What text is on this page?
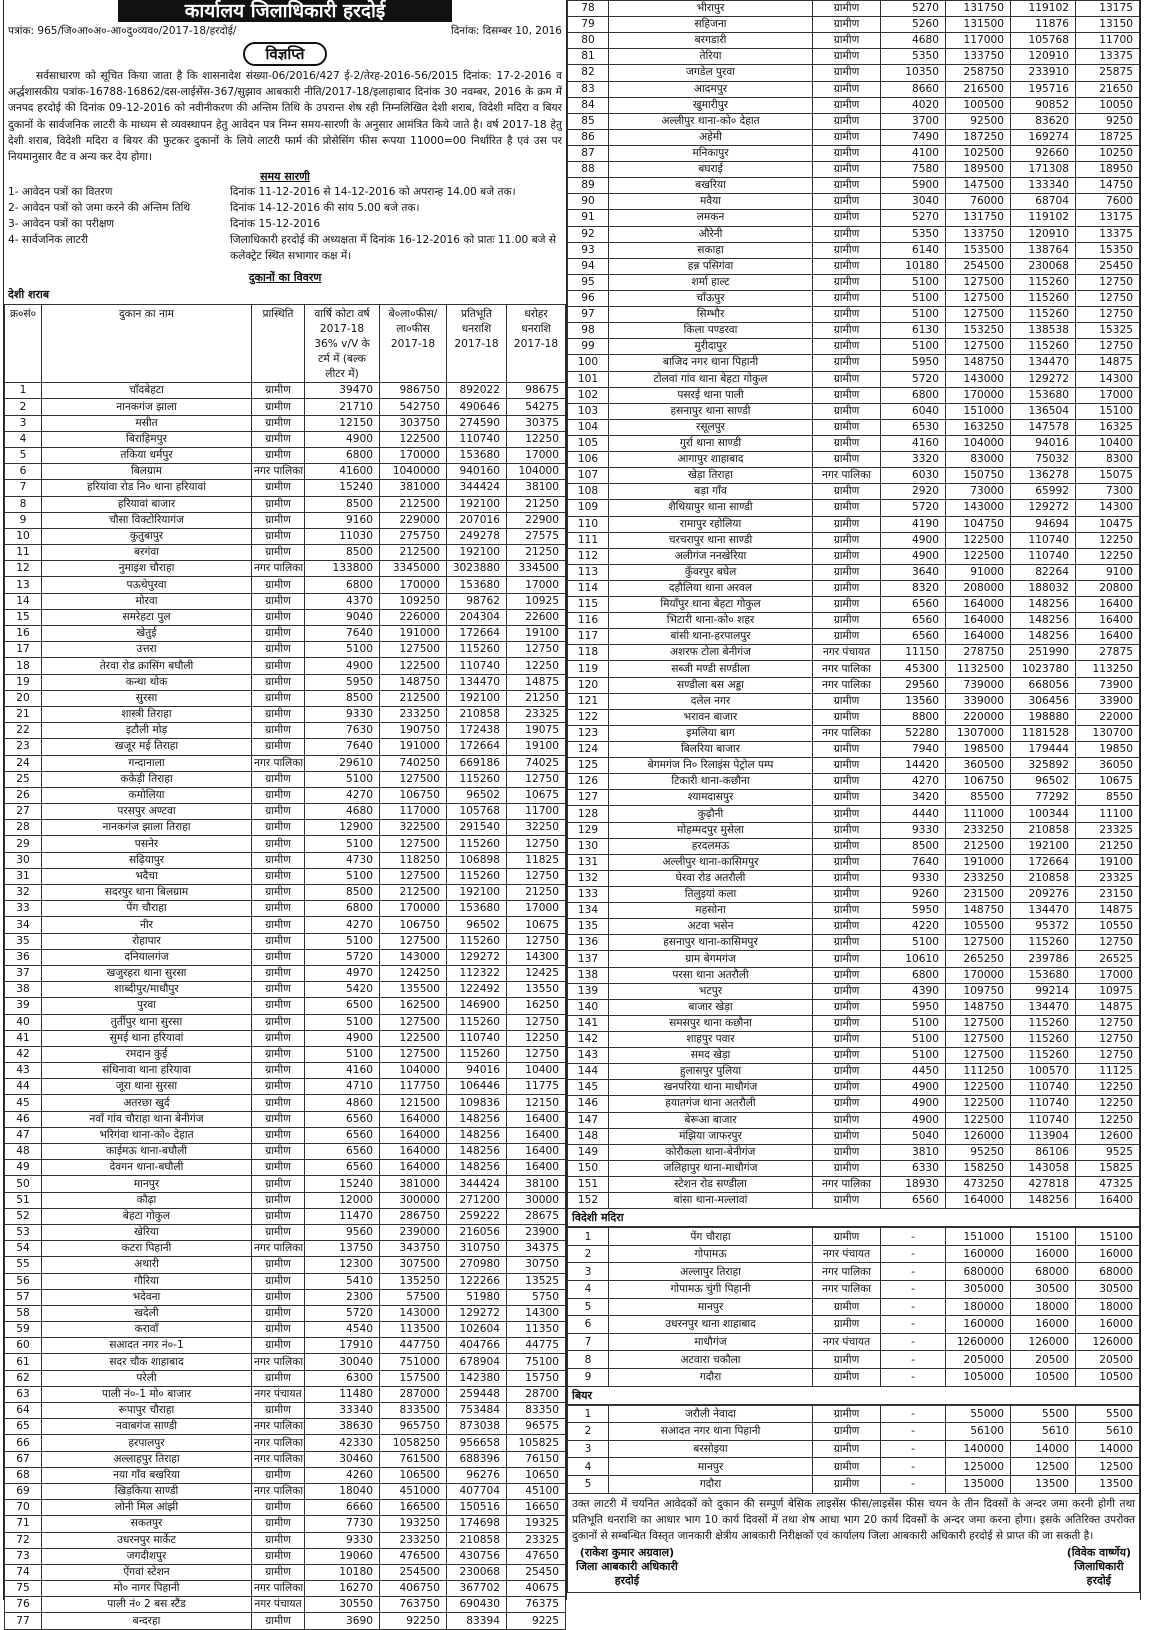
कार्यालय जिलाधिकारी हरदोई
पत्रांक: 965/जि०आ०अ०-आ०दु०व्यव०/2017-18/हरदोई/	दिनांक: दिसम्बर 10, 2016
विज्ञप्ति

सर्वसाधारण को सूचित किया जाता है कि शासनादेश संख्या-06/2016/427 ई-2/तेरह-2016-56/2015 दिनांक: 17-2-2016 व अर्द्धशासकीय पत्रांक-16788-16862/दस-लाईसेंस-367/सुझाव आबकारी नीति/2017-18/इलाहाबाद दिनांक 30 नवम्बर, 2016 के क्रम में जनपद हरदोई की दिनांक 09-12-2016 को नवीनीकरण की अन्तिम तिथि के उपरान्त शेष रही निम्नलिखित देशी शराब, विदेशी मदिरा व बियर दुकानों के सार्वजनिक लाटरी के माध्यम से व्यवस्थापन हेतु आवेदन पत्र निम्न समय-सारणी के अनुसार आमंत्रित किये जाते है। वर्ष 2017-18 हेतु देशी शराब, विदेशी मदिरा व बियर की फुटकर दुकानों के लिये लाटरी फार्म की प्रोसेसिंग फीस रूपया 11000=00 निर्धारित है एवं उस पर नियमानुसार वैट व अन्य कर देय होगा।

समय सारणी
1- आवेदन पत्रों का वितरण	दिनांक 11-12-2016 से 14-12-2016 को अपरान्ह 14.00 बजे तक।
2- आवेदन पत्रों को जमा करने की अन्तिम तिथि	दिनांक 14-12-2016 की सांय 5.00 बजे तक।
3- आवेदन पत्रों का परीक्षण	दिनांक 15-12-2016
4- सार्वजनिक लाटरी	जिलाधिकारी हरदोई की अध्यक्षता में दिनांक 16-12-2016 को प्रातः 11.00 बजे से कलेक्ट्रेट स्थित सभागार कक्ष में।
दुकानों का विवरण
देशी शराब
क्र०सं०	दुकान का नाम	प्रास्थिति	वार्षि कोटा वर्ष 2017-18 36% v/V के टर्म में (बल्क लीटर में)	बे०ला०फीस/ ला०फीस 2017-18	प्रतिभूति धनराशि 2017-18	धरोहर धनराशि 2017-18
1	चाँदबेहटा	ग्रामीण	39470	986750	892022	98675
2	नानकगंज झाला	ग्रामीण	21710	542750	490646	54275
3	मसीत	ग्रामीण	12150	303750	274590	30375
4	बिराहिमपुर	ग्रामीण	4900	122500	110740	12250
5	तकिया धर्मपुर	ग्रामीण	6800	170000	153680	17000
6	बिलग्राम	नगर पालिका	41600	1040000	940160	104000
7	हरियांवा रोड नि० थाना हरियावां	ग्रामीण	15240	381000	344424	38100
8	हरियावां बाजार	ग्रामीण	8500	212500	192100	21250
9	चौसा विक्टोरियागंज	ग्रामीण	9160	229000	207016	22900
10	कुतुबापुर	ग्रामीण	11030	275750	249278	27575
11	बरगंवा	ग्रामीण	8500	212500	192100	21250
12	नुमाइश चौराहा	नगर पालिका	133800	3345000	3023880	334500
13	पऊथेपुरवा	ग्रामीण	6800	170000	153680	17000
14	मोरवा	ग्रामीण	4370	109250	98762	10925
15	समरेहटा पुल	ग्रामीण	9040	226000	204304	22600
16	खेतुई	ग्रामीण	7640	191000	172664	19100
17	उत्तरा	ग्रामीण	5100	127500	115260	12750
18	तेरवा रोड क्रासिंग बघौली	ग्रामीण	4900	122500	110740	12250
19	कन्था थोक	ग्रामीण	5950	148750	134470	14875
20	सुरसा	ग्रामीण	8500	212500	192100	21250
21	शास्त्री तिराहा	ग्रामीण	9330	233250	210858	23325
22	इटौली मोड़	ग्रामीण	7630	190750	172438	19075
23	खजूर मई तिराहा	ग्रामीण	7640	191000	172664	19100
24	गन्दानाला	नगर पालिका	29610	740250	669186	74025
25	ककेड़ी तिराहा	ग्रामीण	5100	127500	115260	12750
26	कमोलिया	ग्रामीण	4270	106750	96502	10675
27	परसपुर अण्टवा	ग्रामीण	4680	117000	105768	11700
28	नानकगंज झाला तिराहा	ग्रामीण	12900	322500	291540	32250
29	पसनेर	ग्रामीण	5100	127500	115260	12750
30	सढ़ियापुर	ग्रामीण	4730	118250	106898	11825
31	भदैचा	ग्रामीण	5100	127500	115260	12750
32	सदरपुर थाना बिलग्राम	ग्रामीण	8500	212500	192100	21250
33	पेंग चौराहा	ग्रामीण	6800	170000	153680	17000
34	नीर	ग्रामीण	4270	106750	96502	10675
35	रोहापार	ग्रामीण	5100	127500	115260	12750
36	दनियालगंज	ग्रामीण	5720	143000	129272	14300
37	खजुरहरा थाना सुरसा	ग्रामीण	4970	124250	112322	12425
38	शाब्दीपुर/माधौपुर	ग्रामीण	5420	135500	122492	13550
39	पुरवा	ग्रामीण	6500	162500	146900	16250
40	तुर्तीपुर थाना सुरसा	ग्रामीण	5100	127500	115260	12750
41	सुमई थाना हरियावां	ग्रामीण	4900	122500	110740	12250
42	रमदान कुई	ग्रामीण	5100	127500	115260	12750
43	संधिनावा थाना हरियावा	ग्रामीण	4160	104000	94016	10400
44	जूरा थाना सुरसा	ग्रामीण	4710	117750	106446	11775
45	अतरछा खुर्द	ग्रामीण	4860	121500	109836	12150
46	नवाँ गांव चौराहा थाना बेनीगंज	ग्रामीण	6560	164000	148256	16400
47	भरिगंवा थाना-को० देहात	ग्रामीण	6560	164000	148256	16400
48	काईमऊ थाना-बघौली	ग्रामीण	6560	164000	148256	16400
49	देवगन थाना-बघौली	ग्रामीण	6560	164000	148256	16400
50	मानपुर	ग्रामीण	15240	381000	344424	38100
51	कौढ़ा	ग्रामीण	12000	300000	271200	30000
52	बेहटा गोकुल	ग्रामीण	11470	286750	259222	28675
53	खेरिया	ग्रामीण	9560	239000	216056	23900
54	कटरा पिहानी	नगर पालिका	13750	343750	310750	34375
55	अथारी	ग्रामीण	12300	307500	270980	30750
56	गौरिया	ग्रामीण	5410	135250	122266	13525
57	भदेवना	ग्रामीण	2300	57500	51980	5750
58	खदेली	ग्रामीण	5720	143000	129272	14300
59	करावाँ	ग्रामीण	4540	113500	102604	11350
60	सआदत नगर नं०-1	ग्रामीण	17910	447750	404766	44775
61	सदर चौक शाहाबाद	नगर पालिका	30040	751000	678904	75100
62	परेली	ग्रामीण	6300	157500	142380	15750
63	पाली नं०-1 मो० बाजार	नगर पंचायत	11480	287000	259448	28700
64	रूपापुर चौराहा	ग्रामीण	33340	833500	753484	83350
65	नवाबगंज साण्डी	नगर पालिका	38630	965750	873038	96575
66	हरपालपुर	नगर पालिका	42330	1058250	956658	105825
67	अल्लाहपुर तिराहा	नगर पालिका	30460	761500	688396	76150
68	नया गाँव बखरिया	ग्रामीण	4260	106500	96276	10650
69	खिड़किया साण्डी	नगर पालिका	18040	451000	407704	45100
70	लोनी मिल आंझी	ग्रामीण	6660	166500	150516	16650
71	सकतपुर	ग्रामीण	7730	193250	174698	19325
72	उधरनपुर मार्केट	ग्रामीण	9330	233250	210858	23325
73	जगदीशपुर	ग्रामीण	19060	476500	430756	47650
74	ऐंगवां स्टेशन	ग्रामीण	10180	254500	230068	25450
75	मो० नागर पिहानी	नगर पालिका	16270	406750	367702	40675
76	पाली नं० 2 बस स्टैंड	नगर पंचायत	30550	763750	690430	76375
77	बन्दरहा	ग्रामीण	3690	92250	83394	9225
78	भीरापुर	ग्रामीण	5270	131750	119102	13175
79	सहिजना	ग्रामीण	5260	131500	11876	13150
80	बरगडारी	ग्रामीण	4680	117000	105768	11700
81	तेरिया	ग्रामीण	5350	133750	120910	13375
82	जगडेल पुरवा	ग्रामीण	10350	258750	233910	25875
83	आदमपुर	ग्रामीण	8660	216500	195716	21650
84	खुमारीपुर	ग्रामीण	4020	100500	90852	10050
85	अल्लीपुर थाना-को० देहात	ग्रामीण	3700	92500	83620	9250
86	अहेमी	ग्रामीण	7490	187250	169274	18725
87	मनिकापुर	ग्रामीण	4100	102500	92660	10250
88	बघराई	ग्रामीण	7580	189500	171308	18950
89	बखरिया	ग्रामीण	5900	147500	133340	14750
90	मवैया	ग्रामीण	3040	76000	68704	7600
91	लमकन	ग्रामीण	5270	131750	119102	13175
92	औरेनी	ग्रामीण	5350	133750	120910	13375
93	सकाहा	ग्रामीण	6140	153500	138764	15350
94	हन्न पसिगंवा	ग्रामीण	10180	254500	230068	25450
95	शर्मा हाल्ट	ग्रामीण	5100	127500	115260	12750
96	चाँऊपुर	ग्रामीण	5100	127500	115260	12750
97	सिम्भौर	ग्रामीण	5100	127500	115260	12750
98	किला पण्डरवा	ग्रामीण	6130	153250	138538	15325
99	मुरीदापुर	ग्रामीण	5100	127500	115260	12750
100	बाजिद नगर थाना पिहानी	ग्रामीण	5950	148750	134470	14875
101	टोलवां गांव थाना बेहटा गोकुल	ग्रामीण	5720	143000	129272	14300
102	पसरई थाना पाली	ग्रामीण	6800	170000	153680	17000
103	हसनापुर थाना साण्डी	ग्रामीण	6040	151000	136504	15100
104	रसूलपुर	ग्रामीण	6530	163250	147578	16325
105	गुर्रा थाना साण्डी	ग्रामीण	4160	104000	94016	10400
106	आगापुर शाहाबाद	ग्रामीण	3320	83000	75032	8300
107	खेड़ा तिराहा	नगर पालिका	6030	150750	136278	15075
108	बड़ा गाँव	ग्रामीण	2920	73000	65992	7300
109	शैथियापुर थाना साण्डी	ग्रामीण	5720	143000	129272	14300
110	रामापुर रहोलिया	ग्रामीण	4190	104750	94694	10475
111	चरचरापुर थाना साण्डी	ग्रामीण	4900	122500	110740	12250
112	अलीगंज ननखेरिया	ग्रामीण	4900	122500	110740	12250
113	कुँवरपुर बघेल	ग्रामीण	3640	91000	82264	9100
114	दहौलिया थाना अरवल	ग्रामीण	8320	208000	188032	20800
115	मियाँपुर थाना बेहटा गोकुल	ग्रामीण	6560	164000	148256	16400
116	भिटारी थाना-को० शहर	ग्रामीण	6560	164000	148256	16400
117	बांसी थाना-हरपालपुर	ग्रामीण	6560	164000	148256	16400
118	अशरफ टोला बेनीगंज	नगर पंचायत	11150	278750	251990	27875
119	सब्जी मण्डी सण्डीला	नगर पालिका	45300	1132500	1023780	113250
120	सण्डीला बस अड्डा	नगर पालिका	29560	739000	668056	73900
121	दलेल नगर	ग्रामीण	13560	339000	306456	33900
122	भरावन बाजार	ग्रामीण	8800	220000	198880	22000
123	इमलिया बाग	नगर पालिका	52280	1307000	1181528	130700
124	बिलरिया बाजार	ग्रामीण	7940	198500	179444	19850
125	बेगमगंज नि० रिलाइंस पेट्रोल पम्प	ग्रामीण	14420	360500	325892	36050
126	टिकारी थाना-कछौना	ग्रामीण	4270	106750	96502	10675
127	श्यामदासपुर	ग्रामीण	3420	85500	77292	8550
128	कुढ़ौनी	ग्रामीण	4440	111000	100344	11100
129	मोहम्मदपुर मुसेला	ग्रामीण	9330	233250	210858	23325
130	हरदलमऊ	ग्रामीण	8500	212500	192100	21250
131	अल्लीपुर थाना-कासिमपुर	ग्रामीण	7640	191000	172664	19100
132	घेरवा रोड अतरौली	ग्रामीण	9330	233250	210858	23325
133	तिलुइयां कला	ग्रामीण	9260	231500	209276	23150
134	महसोना	ग्रामीण	5950	148750	134470	14875
135	अटवा भसेन	ग्रामीण	4220	105500	95372	10550
136	हसनापुर थाना-कासिमपुर	ग्रामीण	5100	127500	115260	12750
137	ग्राम बेगमगंज	ग्रामीण	10610	265250	239786	26525
138	परसा थाना अतरौली	ग्रामीण	6800	170000	153680	17000
139	भटपुर	ग्रामीण	4390	109750	99214	10975
140	बाजार खेड़ा	ग्रामीण	5950	148750	134470	14875
141	समसपुर थाना कछौना	ग्रामीण	5100	127500	115260	12750
142	शाहपुर पवार	ग्रामीण	5100	127500	115260	12750
143	समद खेड़ा	ग्रामीण	5100	127500	115260	12750
144	हुलासपुर पुलिया	ग्रामीण	4450	111250	100570	11125
145	खनपरिया थाना माधौगंज	ग्रामीण	4900	122500	110740	12250
146	हयातगंज थाना अतरौली	ग्रामीण	4900	122500	110740	12250
147	बेरूआ बाजार	ग्रामीण	4900	122500	110740	12250
148	मंझिया जाफरपुर	ग्रामीण	5040	126000	113904	12600
149	कोरौकला थाना-बेनीगंज	ग्रामीण	3810	95250	86106	9525
150	जलिहापुर थाना-माधौगंज	ग्रामीण	6330	158250	143058	15825
151	स्टेशन रोड सण्डीला	नगर पालिका	18930	473250	427818	47325
152	बांसा थाना-मल्लावां	ग्रामीण	6560	164000	148256	16400
विदेशी मदिरा
1	पेंग चौराहा	ग्रामीण	-	151000	15100	15100
2	गोपामऊ	नगर पंचायत	-	160000	16000	16000
3	अल्लापुर तिराहा	नगर पालिका	-	680000	68000	68000
4	गोपामऊ चुंगी पिहानी	नगर पालिका	-	305000	30500	30500
5	मानपुर	ग्रामीण	-	180000	18000	18000
6	उधरनपुर थाना शाहाबाद	ग्रामीण	-	160000	16000	16000
7	माधौगंज	नगर पंचायत	-	1260000	126000	126000
8	अटवारा चकौला	ग्रामीण	-	205000	20500	20500
9	गदौरा	ग्रामीण	-	105000	10500	10500
बियर
1	जरौली नेवादा	ग्रामीण	-	55000	5500	5500
2	सआदत नगर थाना पिहानी	ग्रामीण	-	56100	5610	5610
3	बरसोइया	ग्रामीण	-	140000	14000	14000
4	मानपुर	ग्रामीण	-	125000	12500	12500
5	गदौरा	ग्रामीण	-	135000	13500	13500

उक्त लाटरी में चयनित आवेदकों को दुकान की सम्पूर्ण बेसिक लाइसेंस फीस/लाइसेंस फीस चयन के तीन दिवसों के अन्दर जमा करनी होगी तथा प्रतिभूति धनराशि का आधार भाग 10 कार्य दिवसों में तथा शेष आधा भाग 20 कार्य दिवसों के अन्दर जमा करना होगा। इसके अतिरिक्त उपरोक्त दुकानों से सम्बन्धित विस्तृत जानकारी क्षेत्रीय आबकारी निरीक्षकों एवं कार्यालय जिला आबकारी अधिकारी हरदोई से प्राप्त की जा सकती है।

(राकेश कुमार अग्रवाल)
जिला आबकारी अधिकारी
हरदोई
(विवेक वार्ष्णेय)
जिलाधिकारी
हरदोई
